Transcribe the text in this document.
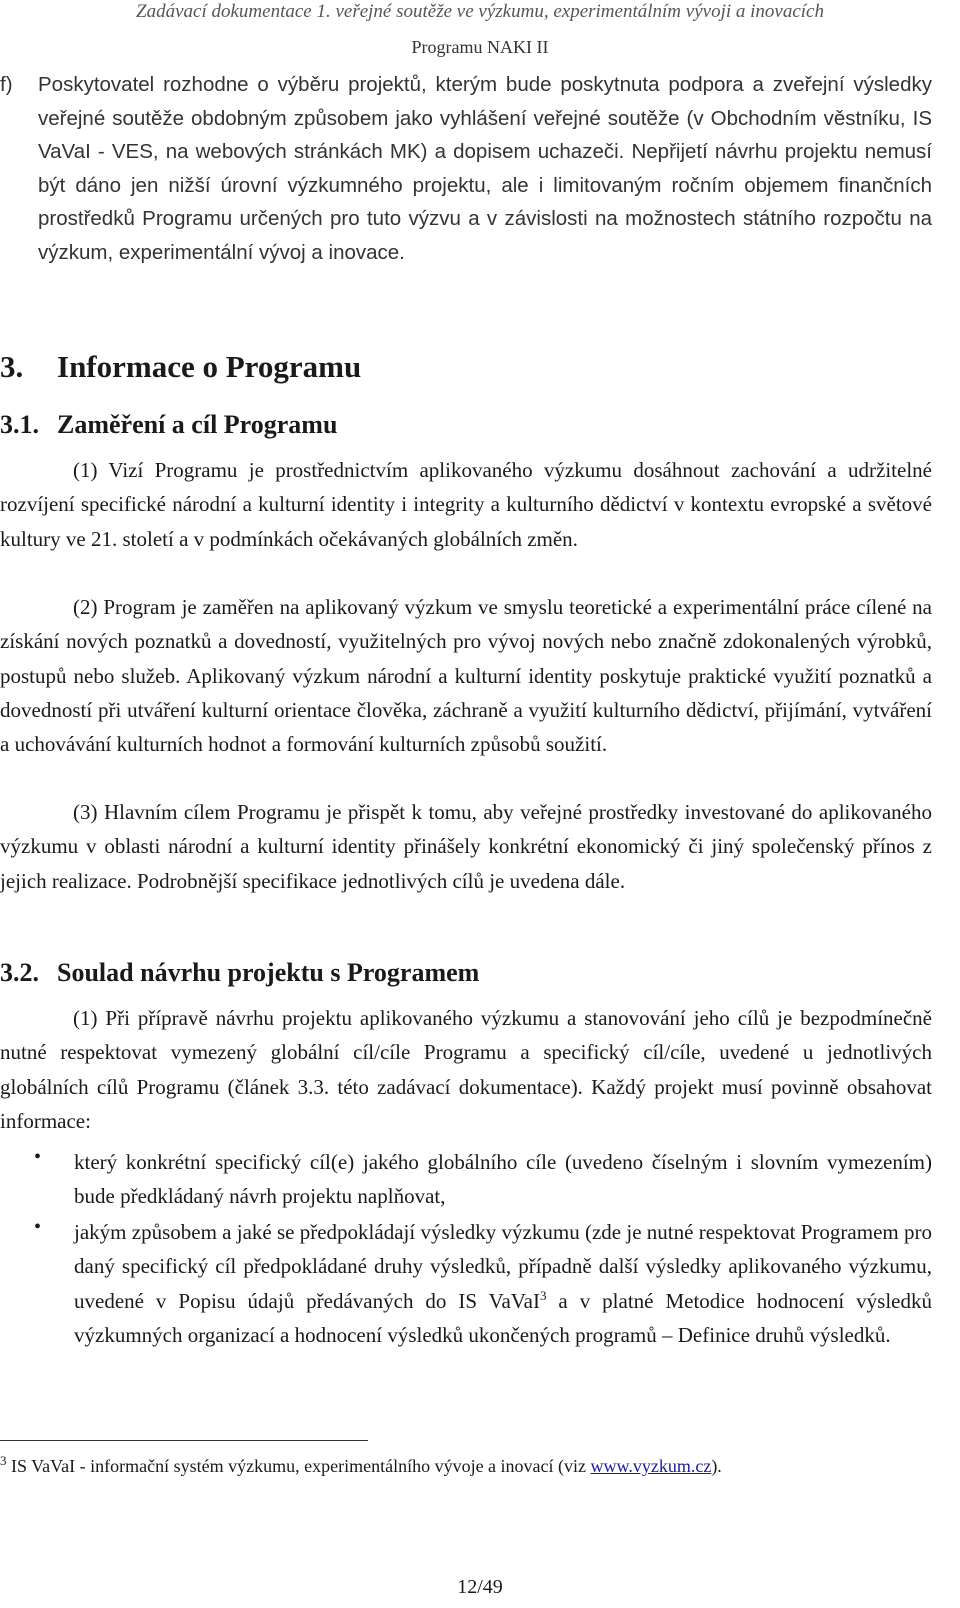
Zadávací dokumentace 1. veřejné soutěže ve výzkumu, experimentálním vývoji a inovacích
Programu NAKI II
f) Poskytovatel rozhodne o výběru projektů, kterým bude poskytnuta podpora a zveřejní výsledky veřejné soutěže obdobným způsobem jako vyhlášení veřejné soutěže (v Obchodním věstníku, IS VaVaI - VES, na webových stránkách MK) a dopisem uchazeči. Nepřijetí návrhu projektu nemusí být dáno jen nižší úrovní výzkumného projektu, ale i limitovaným ročním objemem finančních prostředků Programu určených pro tuto výzvu a v závislosti na možnostech státního rozpočtu na výzkum, experimentální vývoj a inovace.
3. Informace o Programu
3.1. Zaměření a cíl Programu
(1) Vizí Programu je prostřednictvím aplikovaného výzkumu dosáhnout zachování a udržitelné rozvíjení specifické národní a kulturní identity i integrity a kulturního dědictví v kontextu evropské a světové kultury ve 21. století a v podmínkách očekávaných globálních změn.
(2) Program je zaměřen na aplikovaný výzkum ve smyslu teoretické a experimentální práce cílené na získání nových poznatků a dovedností, využitelných pro vývoj nových nebo značně zdokonalených výrobků, postupů nebo služeb. Aplikovaný výzkum národní a kulturní identity poskytuje praktické využití poznatků a dovedností při utváření kulturní orientace člověka, záchraně a využití kulturního dědictví, přijímání, vytváření a uchovávání kulturních hodnot a formování kulturních způsobů soužití.
(3) Hlavním cílem Programu je přispět k tomu, aby veřejné prostředky investované do aplikovaného výzkumu v oblasti národní a kulturní identity přinášely konkrétní ekonomický či jiný společenský přínos z jejich realizace. Podrobnější specifikace jednotlivých cílů je uvedena dále.
3.2. Soulad návrhu projektu s Programem
(1) Při přípravě návrhu projektu aplikovaného výzkumu a stanovování jeho cílů je bezpodmínečně nutné respektovat vymezený globální cíl/cíle Programu a specifický cíl/cíle, uvedené u jednotlivých globálních cílů Programu (článek 3.3. této zadávací dokumentace). Každý projekt musí povinně obsahovat informace:
• který konkrétní specifický cíl(e) jakého globálního cíle (uvedeno číselným i slovním vymezením) bude předkládaný návrh projektu naplňovat,
• jakým způsobem a jaké se předpokládají výsledky výzkumu (zde je nutné respektovat Programem pro daný specifický cíl předpokládané druhy výsledků, případně další výsledky aplikovaného výzkumu, uvedené v Popisu údajů předávaných do IS VaVaI$^3$ a v platné Metodice hodnocení výsledků výzkumných organizací a hodnocení výsledků ukončených programů – Definice druhů výsledků.
$^3$ IS VaVaI - informační systém výzkumu, experimentálního vývoje a inovací (viz www.vyzkum.cz).
12/49
